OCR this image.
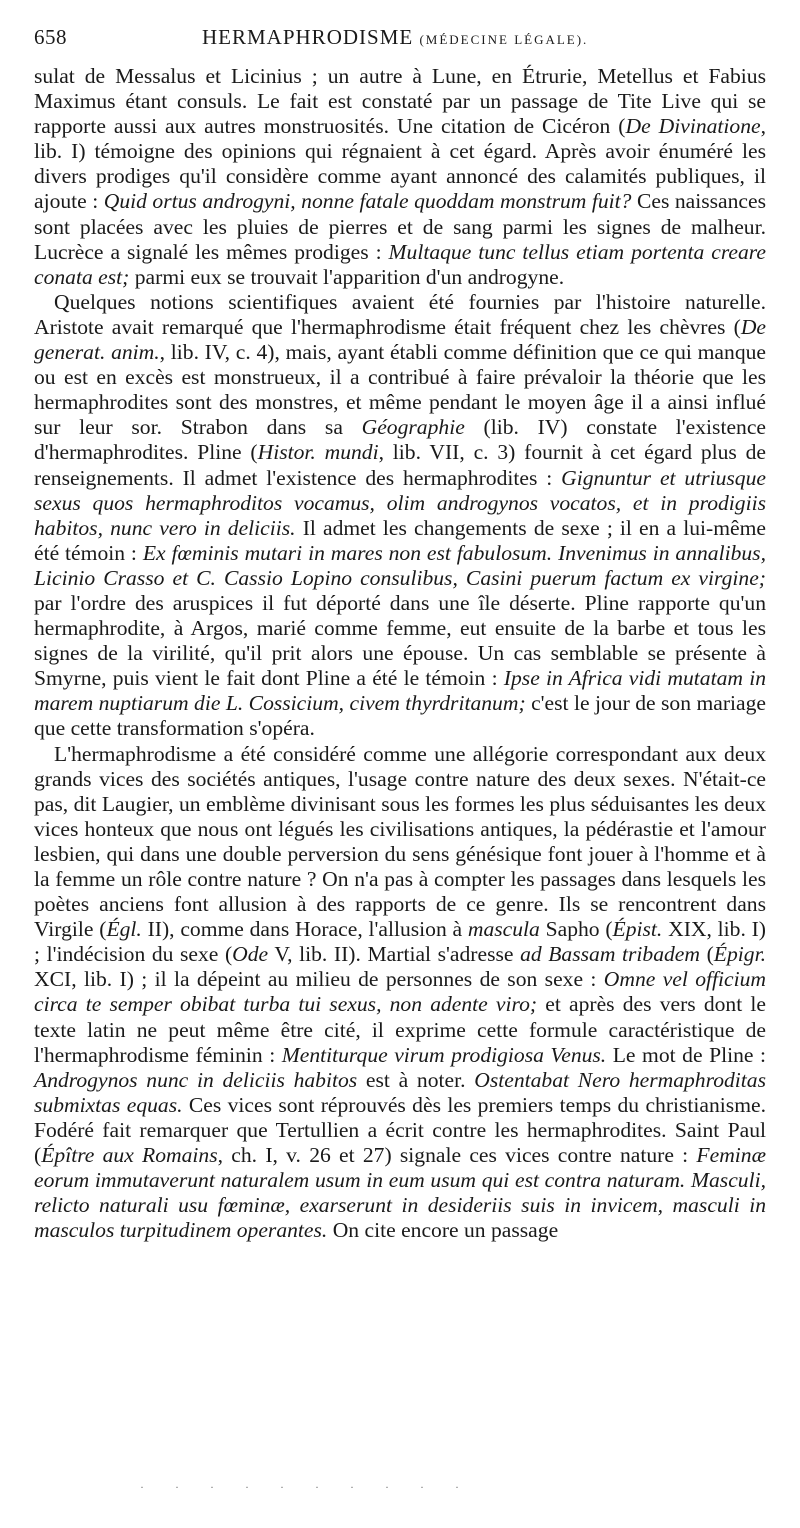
658	HERMAPHRODISME (MÉDECINE LÉGALE).

sulat de Messalus et Licinius ; un autre à Lune, en Étrurie, Metellus et Fabius Maximus étant consuls. Le fait est constaté par un passage de Tite Live qui se rapporte aussi aux autres monstruosités. Une citation de Cicéron (De Divinatione, lib. I) témoigne des opinions qui régnaient à cet égard. Après avoir énuméré les divers prodiges qu'il considère comme ayant annoncé des calamités publiques, il ajoute : Quid ortus androgyni, nonne fatale quoddam monstrum fuit? Ces naissances sont placées avec les pluies de pierres et de sang parmi les signes de malheur. Lucrèce a signalé les mêmes prodiges : Multaque tunc tellus etiam portenta creare conata est; parmi eux se trouvait l'apparition d'un androgyne.

Quelques notions scientifiques avaient été fournies par l'histoire naturelle. Aristote avait remarqué que l'hermaphrodisme était fréquent chez les chèvres (De generat. anim., lib. IV, c. 4), mais, ayant établi comme définition que ce qui manque ou est en excès est monstrueux, il a contribué à faire prévaloir la théorie que les hermaphrodites sont des monstres, et même pendant le moyen âge il a ainsi influé sur leur sor. Strabon dans sa Géographie (lib. IV) constate l'existence d'hermaphrodites. Pline (Histor. mundi, lib. VII, c. 3) fournit à cet égard plus de renseignements. Il admet l'existence des hermaphrodites : Gignuntur et utriusque sexus quos hermaphroditos vocamus, olim androgynos vocatos, et in prodigiis habitos, nunc vero in deliciis. Il admet les changements de sexe ; il en a lui-même été témoin : Ex fœminis mutari in mares non est fabulosum. Invenimus in annalibus, Licinio Crasso et C. Cassio Lopino consulibus, Casini puerum factum ex virgine; par l'ordre des aruspices il fut déporté dans une île déserte. Pline rapporte qu'un hermaphrodite, à Argos, marié comme femme, eut ensuite de la barbe et tous les signes de la virilité, qu'il prit alors une épouse. Un cas semblable se présente à Smyrne, puis vient le fait dont Pline a été le témoin : Ipse in Africa vidi mutatam in marem nuptiarum die L. Cossicium, civem thyrdritanum; c'est le jour de son mariage que cette transformation s'opéra.

L'hermaphrodisme a été considéré comme une allégorie correspondant aux deux grands vices des sociétés antiques, l'usage contre nature des deux sexes. N'était-ce pas, dit Laugier, un emblème divinisant sous les formes les plus séduisantes les deux vices honteux que nous ont légués les civilisations antiques, la pédérastie et l'amour lesbien, qui dans une double perversion du sens génésique font jouer à l'homme et à la femme un rôle contre nature ? On n'a pas à compter les passages dans lesquels les poètes anciens font allusion à des rapports de ce genre. Ils se rencontrent dans Virgile (Égl. II), comme dans Horace, l'allusion à mascula Sapho (Épist. XIX, lib. I) ; l'indécision du sexe (Ode V, lib. II). Martial s'adresse ad Bassam tribadem (Épigr. XCI, lib. I) ; il la dépeint au milieu de personnes de son sexe : Omne vel officium circa te semper obibat turba tui sexus, non adente viro; et après des vers dont le texte latin ne peut même être cité, il exprime cette formule caractéristique de l'hermaphrodisme féminin : Mentiturque virum prodigiosa Venus. Le mot de Pline : Androgynos nunc in deliciis habitos est à noter. Ostentabat Nero hermaphroditas submixtas equas. Ces vices sont réprouvés dès les premiers temps du christianisme. Fodéré fait remarquer que Tertullien a écrit contre les hermaphrodites. Saint Paul (Épître aux Romains, ch. I, v. 26 et 27) signale ces vices contre nature : Feminæ eorum immutaverunt naturalem usum in eum usum qui est contra naturam. Masculi, relicto naturali usu fœminæ, exarserunt in desideriis suis in invicem, masculi in masculos turpitudinem operantes. On cite encore un passage

· · · · · · · · · ·
